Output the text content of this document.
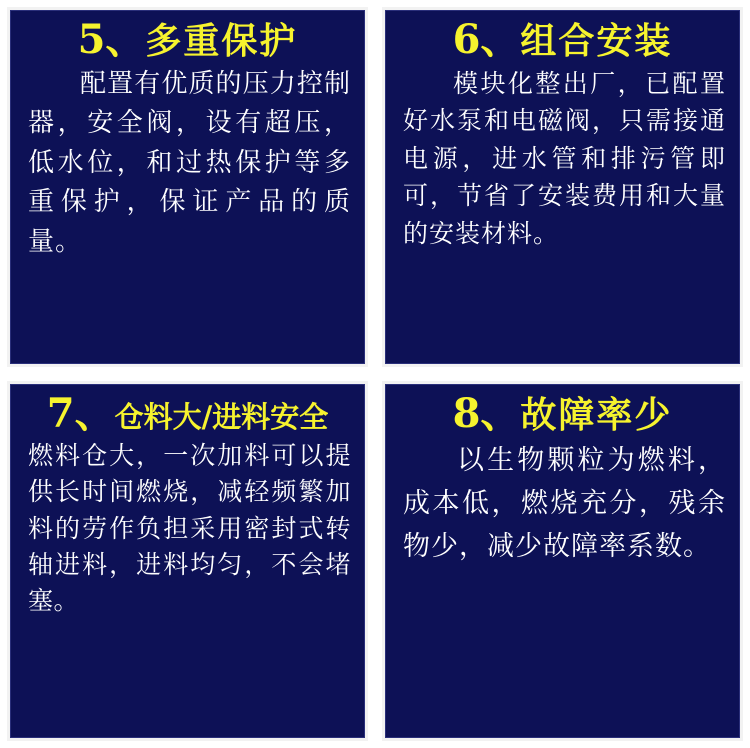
5、 多重保护
配置有优质的压力控制器，安全阀，设有超压，低水位，和过热保护等多重保护，保证产品的质量。
6、 组合安装
模块化整出厂，已配置好水泵和电磁阀，只需接通电源，进水管和排污管即可，节省了安装费用和大量的安装材料。
7、 仓料大/进料安全
燃料仓大，一次加料可以提供长时间燃烧，减轻频繁加料的劳作负担采用密封式转轴进料，进料均匀，不会堵塞。
8、 故障率少
以生物颗粒为燃料，成本低，燃烧充分，残余物少，减少故障率系数。
